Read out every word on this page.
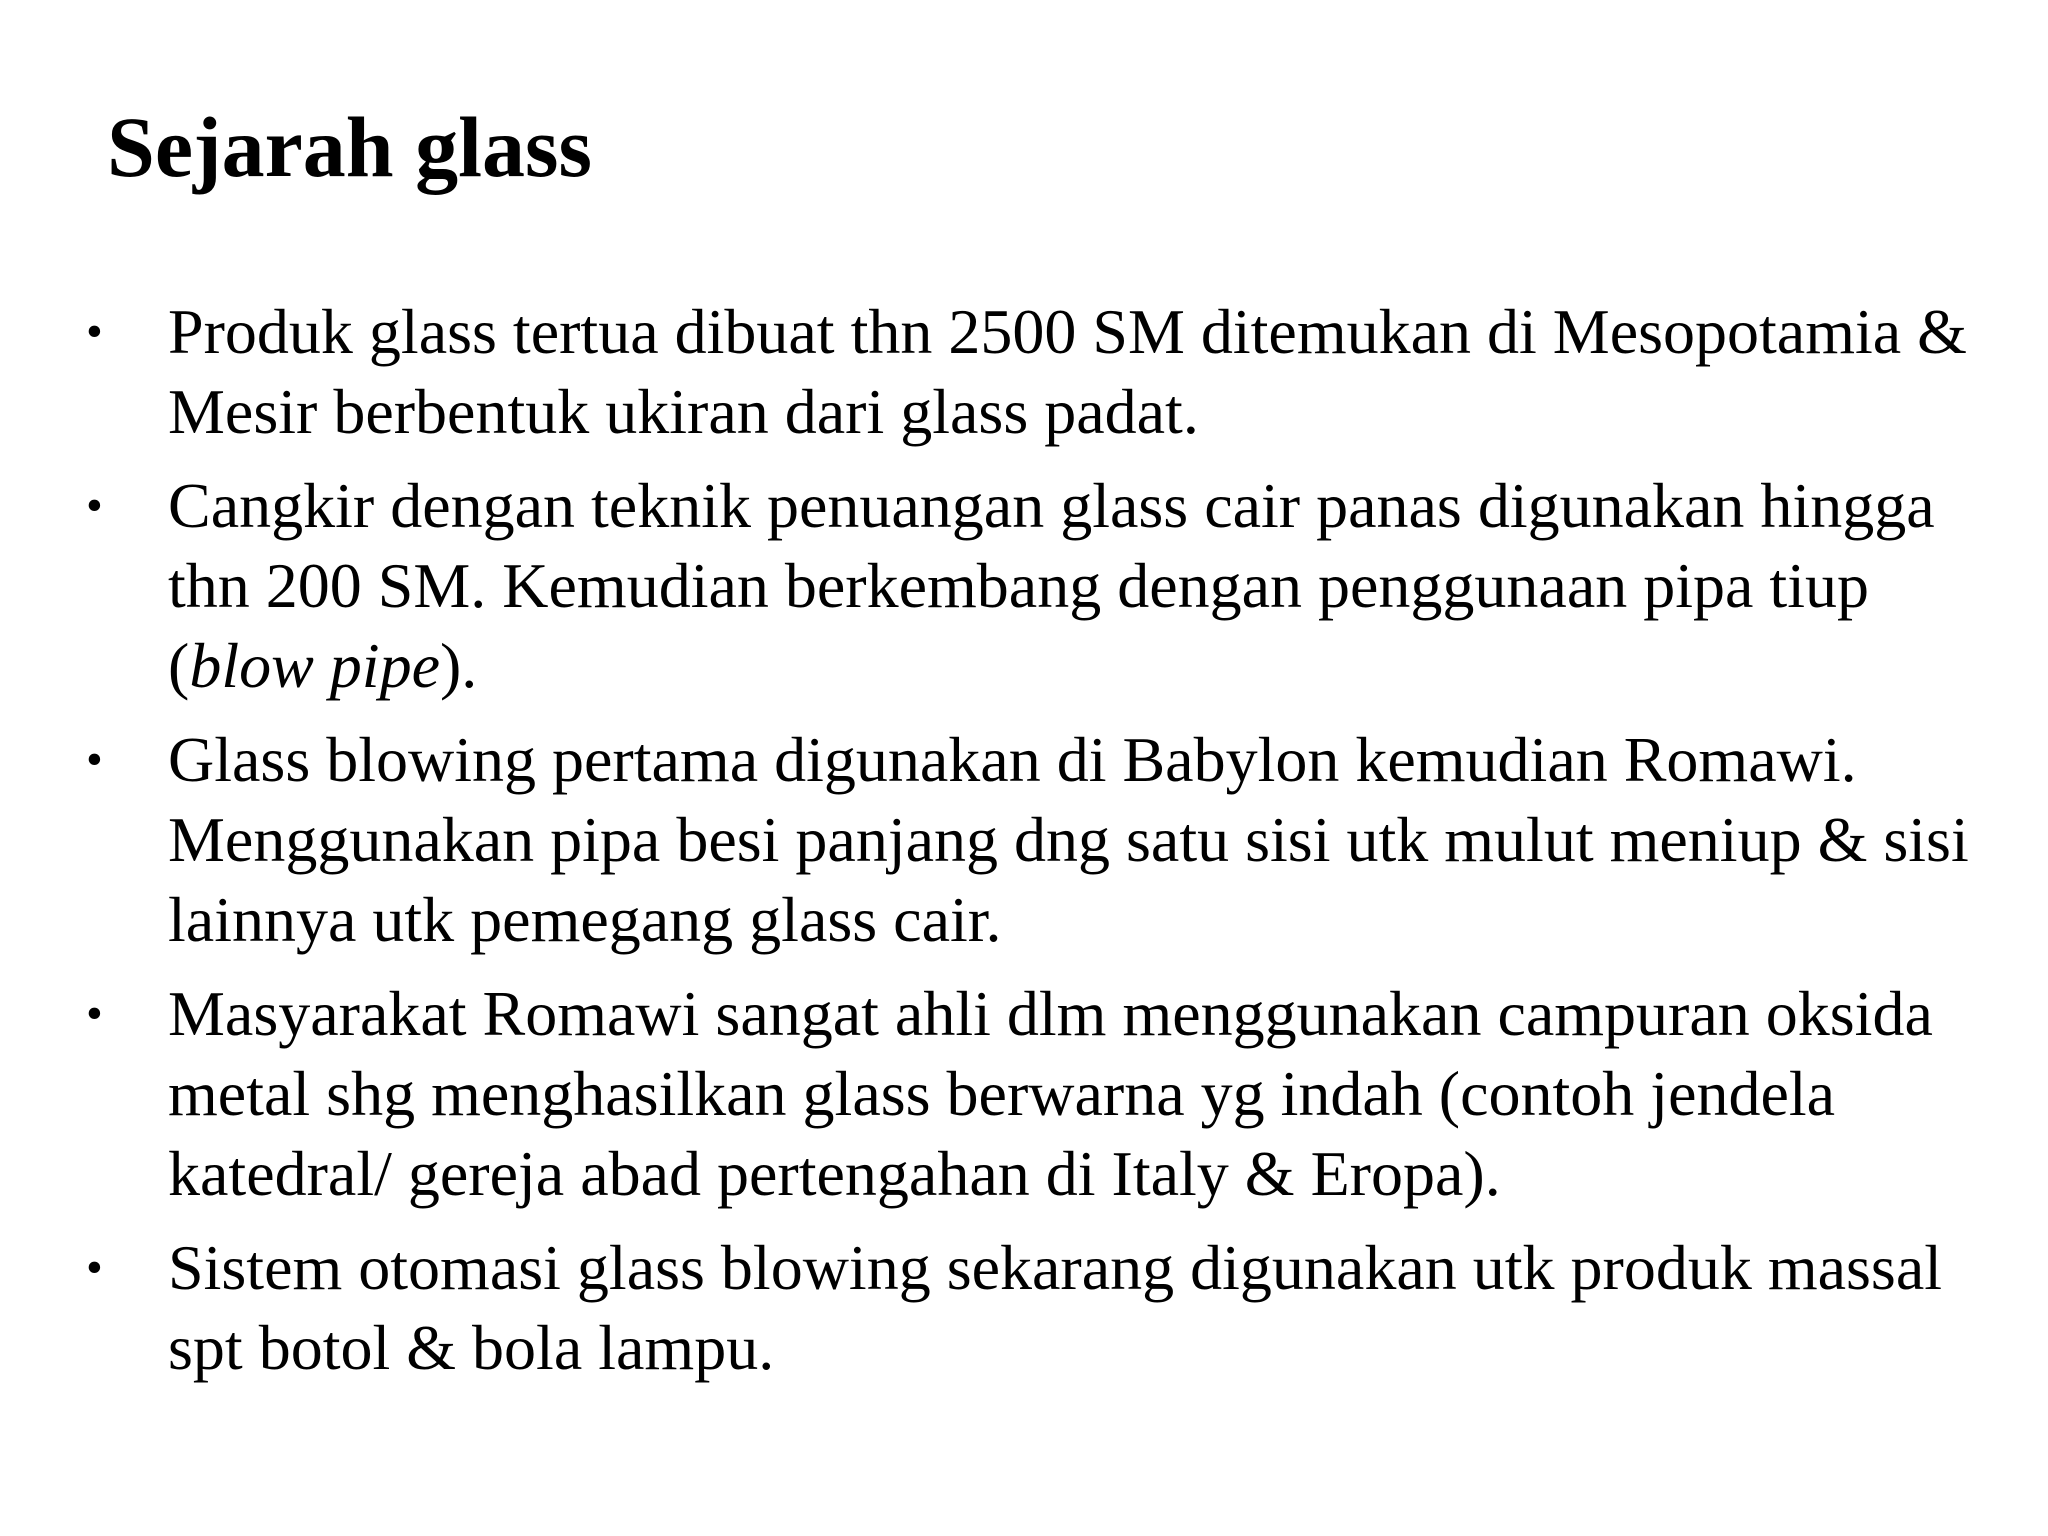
Sejarah glass
•	Produk glass tertua dibuat thn 2500 SM ditemukan di Mesopotamia & Mesir berbentuk ukiran dari glass padat.
•	Cangkir dengan teknik penuangan glass cair panas digunakan hingga thn 200 SM. Kemudian berkembang dengan penggunaan pipa tiup (blow pipe).
•	Glass blowing pertama digunakan di Babylon kemudian Romawi. Menggunakan pipa besi panjang dng satu sisi utk mulut meniup & sisi lainnya utk pemegang glass cair.
•	Masyarakat Romawi sangat ahli dlm menggunakan campuran oksida metal shg menghasilkan glass berwarna yg indah (contoh jendela katedral/ gereja abad pertengahan di Italy & Eropa).
•	Sistem otomasi glass blowing sekarang digunakan utk produk massal spt botol & bola lampu.
